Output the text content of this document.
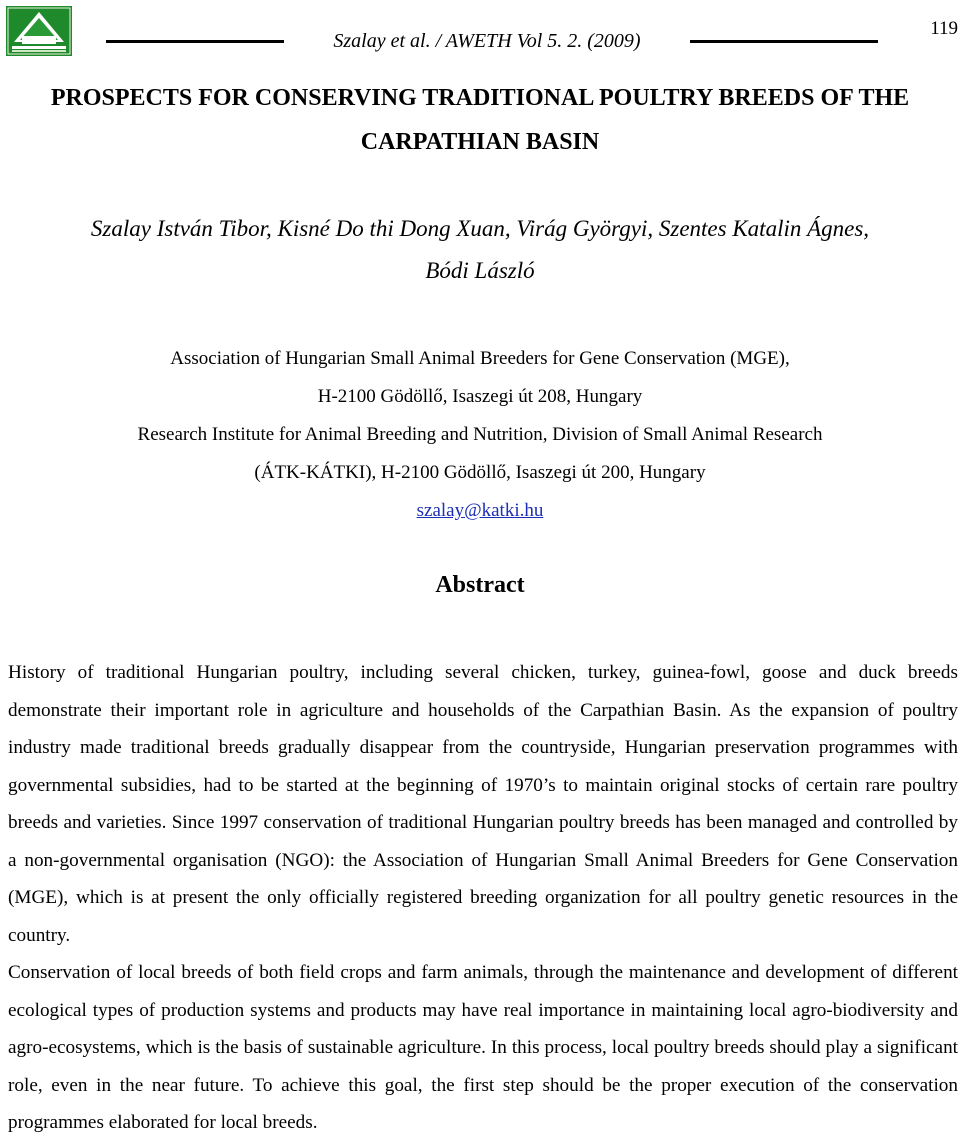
Szalay et al. / AWETH Vol 5. 2. (2009)
119
PROSPECTS FOR CONSERVING TRADITIONAL POULTRY BREEDS OF THE
CARPATHIAN BASIN
Szalay István Tibor, Kisné Do thi Dong Xuan, Virág Györgyi, Szentes Katalin Ágnes,
Bódi László
Association of Hungarian Small Animal Breeders for Gene Conservation (MGE),
H-2100 Gödöllő, Isaszegi út 208, Hungary
Research Institute for Animal Breeding and Nutrition, Division of Small Animal Research
(ÁTK-KÁTKI), H-2100 Gödöllő, Isaszegi út 200, Hungary
szalay@katki.hu
Abstract

History of traditional Hungarian poultry, including several chicken, turkey, guinea-fowl, goose and duck breeds demonstrate their important role in agriculture and households of the Carpathian Basin. As the expansion of poultry industry made traditional breeds gradually disappear from the countryside, Hungarian preservation programmes with governmental subsidies, had to be started at the beginning of 1970’s to maintain original stocks of certain rare poultry breeds and varieties. Since 1997 conservation of traditional Hungarian poultry breeds has been managed and controlled by a non-governmental organisation (NGO): the Association of Hungarian Small Animal Breeders for Gene Conservation (MGE), which is at present the only officially registered breeding organization for all poultry genetic resources in the country.

Conservation of local breeds of both field crops and farm animals, through the maintenance and development of different ecological types of production systems and products may have real importance in maintaining local agro-biodiversity and agro-ecosystems, which is the basis of sustainable agriculture. In this process, local poultry breeds should play a significant role, even in the near future. To achieve this goal, the first step should be the proper execution of the conservation programmes elaborated for local breeds.
